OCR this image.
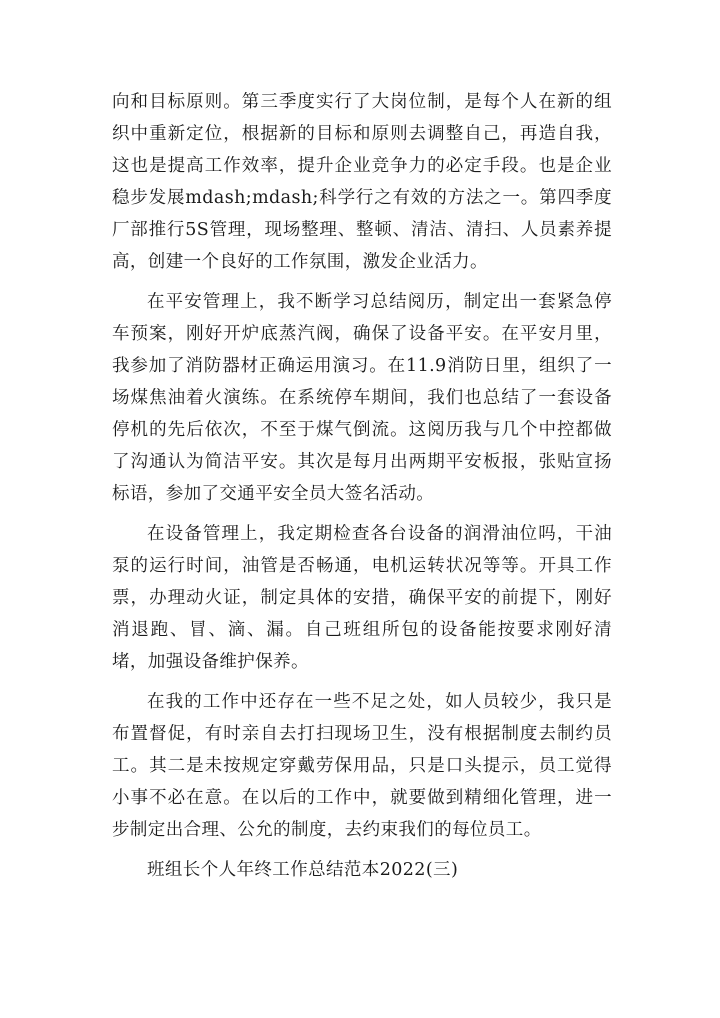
向和目标原则。第三季度实行了大岗位制，是每个人在新的组织中重新定位，根据新的目标和原则去调整自己，再造自我，这也是提高工作效率，提升企业竞争力的必定手段。也是企业稳步发展mdash;mdash;科学行之有效的方法之一。第四季度厂部推行5S管理，现场整理、整顿、清洁、清扫、人员素养提高，创建一个良好的工作氛围，激发企业活力。

在平安管理上，我不断学习总结阅历，制定出一套紧急停车预案，刚好开炉底蒸汽阀，确保了设备平安。在平安月里，我参加了消防器材正确运用演习。在11.9消防日里，组织了一场煤焦油着火演练。在系统停车期间，我们也总结了一套设备停机的先后依次，不至于煤气倒流。这阅历我与几个中控都做了沟通认为简洁平安。其次是每月出两期平安板报，张贴宣扬标语，参加了交通平安全员大签名活动。

在设备管理上，我定期检查各台设备的润滑油位吗，干油泵的运行时间，油管是否畅通，电机运转状况等等。开具工作票，办理动火证，制定具体的安措，确保平安的前提下，刚好消退跑、冒、滴、漏。自己班组所包的设备能按要求刚好清堵，加强设备维护保养。

在我的工作中还存在一些不足之处，如人员较少，我只是布置督促，有时亲自去打扫现场卫生，没有根据制度去制约员工。其二是未按规定穿戴劳保用品，只是口头提示，员工觉得小事不必在意。在以后的工作中，就要做到精细化管理，进一步制定出合理、公允的制度，去约束我们的每位员工。

班组长个人年终工作总结范本2022(三)
